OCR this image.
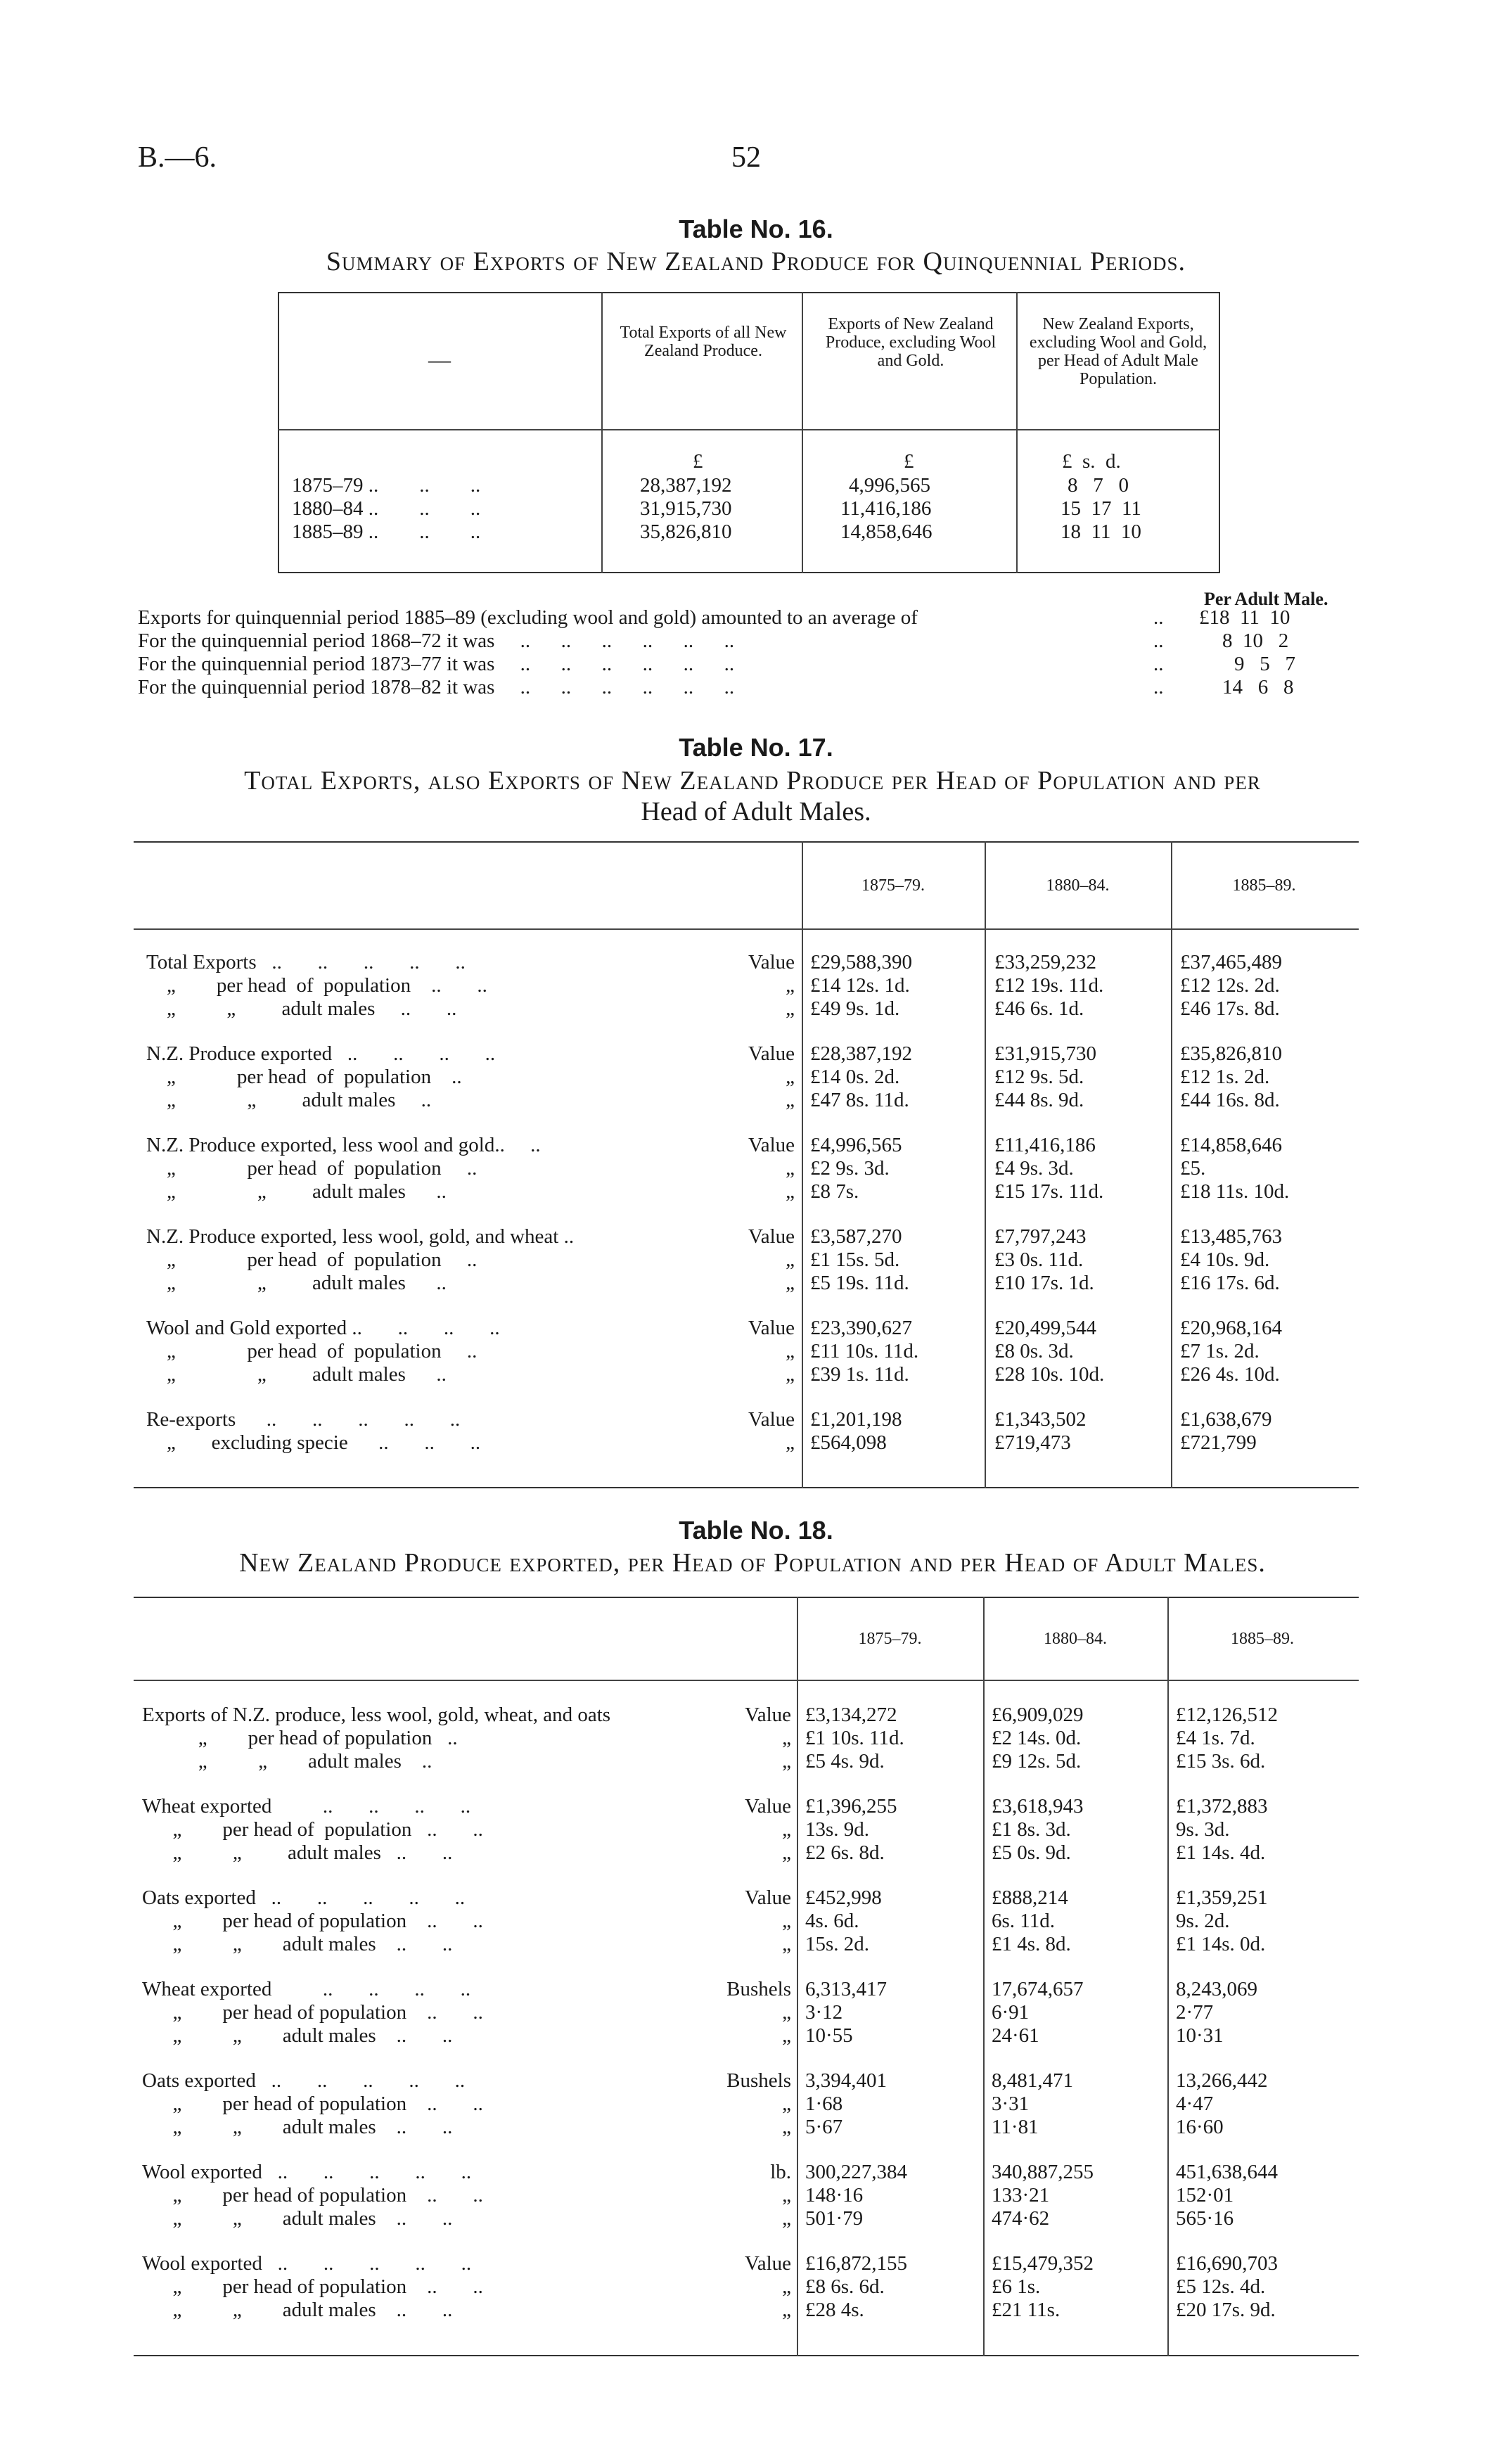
B.—6.	52
Table No. 16.
Summary of Exports of New Zealand Produce for Quinquennial Periods.
—
Total Exports of all New Zealand Produce.
Exports of New Zealand Produce, excluding Wool and Gold.
New Zealand Exports, excluding Wool and Gold, per Head of Adult Male Population.
£	£	£  s.  d.
1875–79 ..        ..        ..	28,387,192	4,996,565	8   7   0
1880–84 ..        ..        ..	31,915,730	11,416,186	15  17  11
1885–89 ..        ..        ..	35,826,810	14,858,646	18  11  10
Per Adult Male.
Exports for quinquennial period 1885–89 (excluding wool and gold) amounted to an average of	.. £18  11  10
For the quinquennial period 1868–72 it was     ..      ..      ..      ..      ..      ..	..	8  10   2
For the quinquennial period 1873–77 it was     ..      ..      ..      ..      ..      ..	..	9   5   7
For the quinquennial period 1878–82 it was     ..      ..      ..      ..      ..      ..	..	14   6   8
Table No. 17.
Total Exports, also Exports of New Zealand Produce per Head of Population and per
Head of Adult Males.
1875–79.	1880–84.	1885–89.
Total Exports   ..       ..       ..       ..       ..	Value £29,588,390	£33,259,232	£37,465,489
„        per head  of  population    ..       ..	„ £14 12s. 1d.	£12 19s. 11d.	£12 12s. 2d.
„          „         adult males     ..       ..	„ £49 9s. 1d.	£46 6s. 1d.	£46 17s. 8d.
N.Z. Produce exported   ..       ..       ..       ..	Value £28,387,192	£31,915,730	£35,826,810
„            per head  of  population    ..	„ £14 0s. 2d.	£12 9s. 5d.	£12 1s. 2d.
„              „         adult males     ..	„ £47 8s. 11d.	£44 8s. 9d.	£44 16s. 8d.
N.Z. Produce exported, less wool and gold..     ..	Value £4,996,565	£11,416,186	£14,858,646
„              per head  of  population     ..	„ £2 9s. 3d.	£4 9s. 3d.	£5.
„                „         adult males      ..	„ £8 7s.	£15 17s. 11d.	£18 11s. 10d.
N.Z. Produce exported, less wool, gold, and wheat ..	Value £3,587,270	£7,797,243	£13,485,763
„              per head  of  population     ..	„ £1 15s. 5d.	£3 0s. 11d.	£4 10s. 9d.
„                „         adult males      ..	„ £5 19s. 11d.	£10 17s. 1d.	£16 17s. 6d.
Wool and Gold exported ..       ..       ..       ..	Value £23,390,627	£20,499,544	£20,968,164
„              per head  of  population     ..	„ £11 10s. 11d.	£8 0s. 3d.	£7 1s. 2d.
„                „         adult males      ..	„ £39 1s. 11d.	£28 10s. 10d.	£26 4s. 10d.
Re-exports      ..       ..       ..       ..       ..	Value £1,201,198	£1,343,502	£1,638,679
„       excluding specie      ..       ..       ..	„ £564,098	£719,473	£721,799
Table No. 18.
New Zealand Produce exported, per Head of Population and per Head of Adult Males.
1875–79.	1880–84.	1885–89.
Exports of N.Z. produce, less wool, gold, wheat, and oats	Value £3,134,272	£6,909,029	£12,126,512
„        per head of population   ..	„ £1 10s. 11d.	£2 14s. 0d.	£4 1s. 7d.
„          „        adult males    ..	„ £5 4s. 9d.	£9 12s. 5d.	£15 3s. 6d.
Wheat exported          ..       ..       ..       ..	Value £1,396,255	£3,618,943	£1,372,883
„        per head of  population   ..       ..	„ 13s. 9d.	£1 8s. 3d.	9s. 3d.
„          „         adult males   ..       ..	„ £2 6s. 8d.	£5 0s. 9d.	£1 14s. 4d.
Oats exported   ..       ..       ..       ..       ..	Value £452,998	£888,214	£1,359,251
„        per head of population    ..       ..	„ 4s. 6d.	6s. 11d.	9s. 2d.
„          „        adult males    ..       ..	„ 15s. 2d.	£1 4s. 8d.	£1 14s. 0d.
Wheat exported          ..       ..       ..       ..	Bushels 6,313,417	17,674,657	8,243,069
„        per head of population    ..       ..	„ 3·12	6·91	2·77
„          „        adult males    ..       ..	„ 10·55	24·61	10·31
Oats exported   ..       ..       ..       ..       ..	Bushels 3,394,401	8,481,471	13,266,442
„        per head of population    ..       ..	„ 1·68	3·31	4·47
„          „        adult males    ..       ..	„ 5·67	11·81	16·60
Wool exported   ..       ..       ..       ..       ..	lb. 300,227,384	340,887,255	451,638,644
„        per head of population    ..       ..	„ 148·16	133·21	152·01
„          „        adult males    ..       ..	„ 501·79	474·62	565·16
Wool exported   ..       ..       ..       ..       ..	Value £16,872,155	£15,479,352	£16,690,703
„        per head of population    ..       ..	„ £8 6s. 6d.	£6 1s.	£5 12s. 4d.
„          „        adult males    ..       ..	„ £28 4s.	£21 11s.	£20 17s. 9d.
